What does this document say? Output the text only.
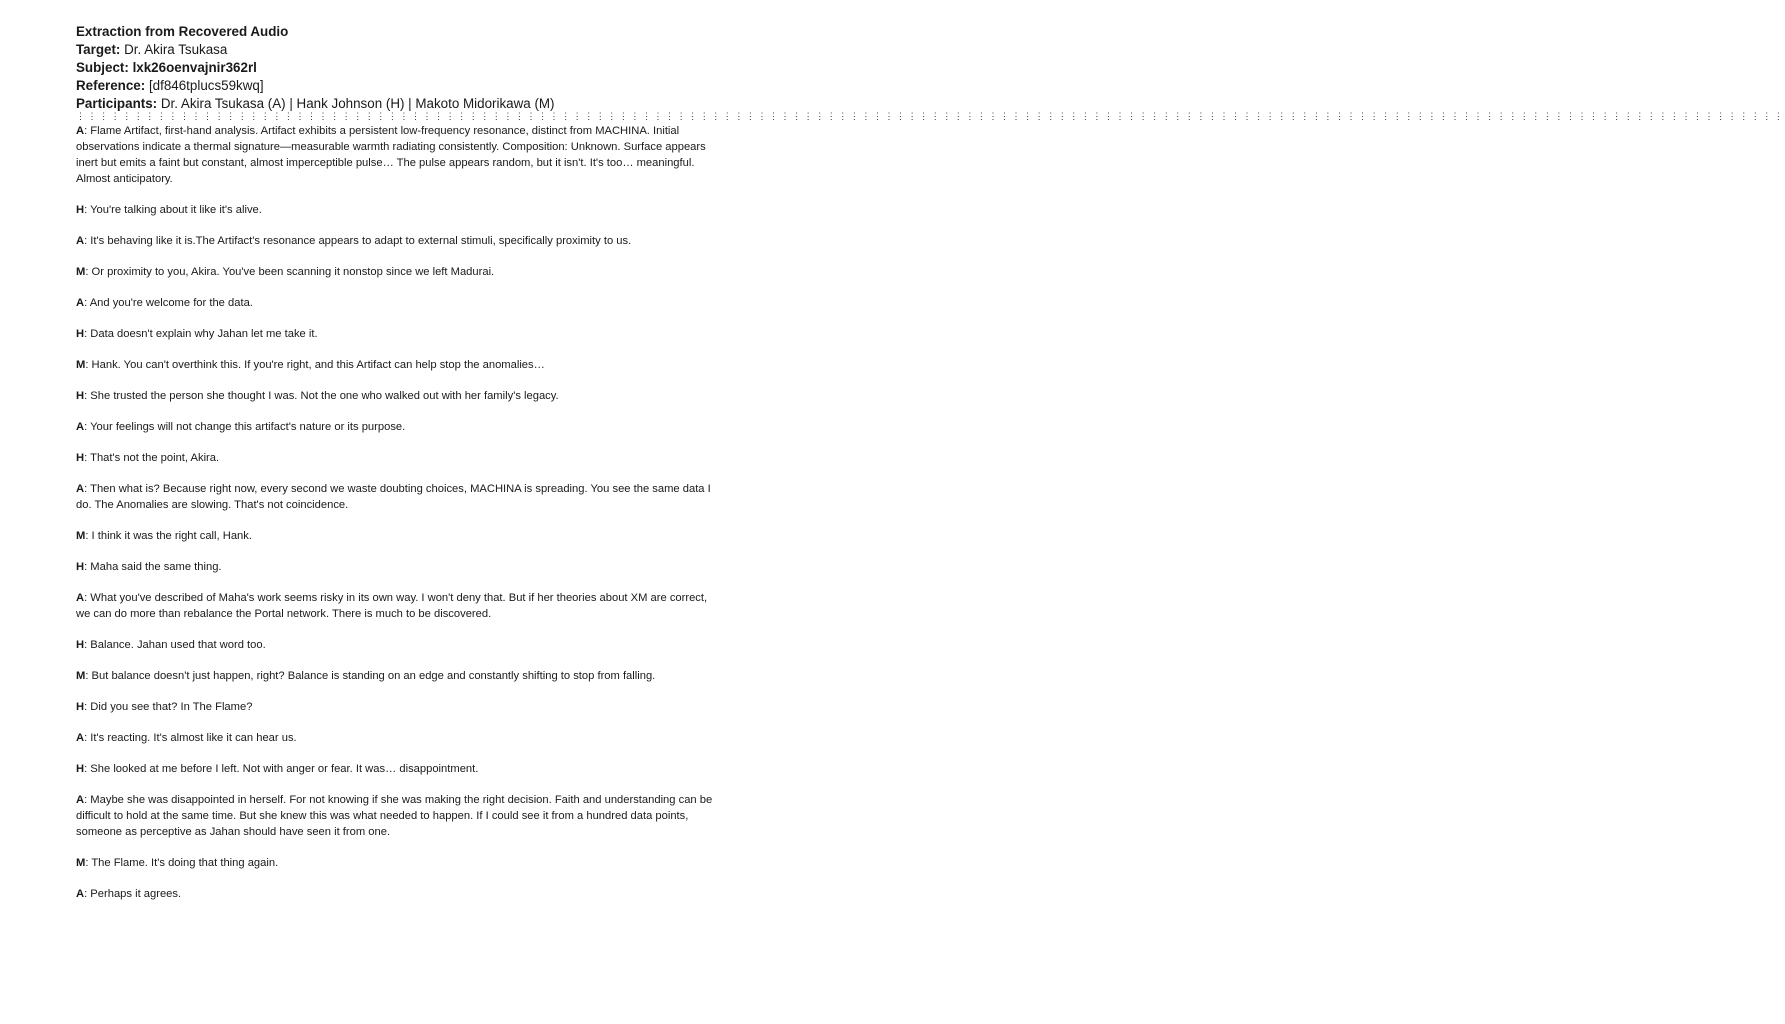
Extraction from Recovered Audio
Target: Dr. Akira Tsukasa
Subject: lxk26oenvajnir362rl
Reference: [df846tplucs59kwq]
Participants: Dr. Akira Tsukasa (A) | Hank Johnson (H) | Makoto Midorikawa (M)
⋮⋮⋮⋮⋮⋮⋮⋮⋮⋮⋮⋮⋮⋮⋮⋮⋮⋮⋮⋮⋮⋮⋮⋮⋮⋮⋮⋮⋮⋮⋮⋮⋮⋮⋮⋮⋮⋮⋮⋮⋮⋮⋮⋮⋮⋮⋮⋮⋮⋮⋮⋮⋮⋮⋮⋮⋮⋮⋮⋮⋮⋮⋮⋮⋮⋮⋮⋮⋮⋮⋮⋮⋮⋮⋮⋮⋮⋮⋮⋮⋮⋮⋮⋮⋮⋮⋮⋮⋮⋮⋮⋮⋮⋮⋮⋮⋮⋮⋮⋮⋮⋮⋮⋮⋮⋮⋮⋮⋮⋮⋮⋮⋮⋮⋮⋮⋮⋮⋮⋮⋮⋮⋮⋮⋮⋮⋮⋮⋮⋮⋮⋮⋮⋮⋮⋮⋮⋮⋮⋮⋮⋮⋮⋮⋮⋮⋮⋮

A: Flame Artifact, first-hand analysis. Artifact exhibits a persistent low-frequency resonance, distinct from MACHINA. Initial observations indicate a thermal signature—measurable warmth radiating consistently. Composition: Unknown. Surface appears inert but emits a faint but constant, almost imperceptible pulse… The pulse appears random, but it isn't. It's too… meaningful. Almost anticipatory.

H: You're talking about it like it's alive.

A: It's behaving like it is.The Artifact's resonance appears to adapt to external stimuli, specifically proximity to us.

M: Or proximity to you, Akira. You've been scanning it nonstop since we left Madurai.

A: And you're welcome for the data.

H: Data doesn't explain why Jahan let me take it.

M: Hank. You can't overthink this. If you're right, and this Artifact can help stop the anomalies…

H: She trusted the person she thought I was. Not the one who walked out with her family's legacy.

A: Your feelings will not change this artifact's nature or its purpose.

H: That's not the point, Akira.

A: Then what is? Because right now, every second we waste doubting choices, MACHINA is spreading. You see the same data I do. The Anomalies are slowing. That's not coincidence.

M: I think it was the right call, Hank.

H: Maha said the same thing.

A: What you've described of Maha's work seems risky in its own way. I won't deny that. But if her theories about XM are correct, we can do more than rebalance the Portal network. There is much to be discovered.

H: Balance. Jahan used that word too.

M: But balance doesn't just happen, right? Balance is standing on an edge and constantly shifting to stop from falling.

H: Did you see that? In The Flame?

A: It's reacting. It's almost like it can hear us.

H: She looked at me before I left. Not with anger or fear. It was… disappointment.

A: Maybe she was disappointed in herself. For not knowing if she was making the right decision. Faith and understanding can be difficult to hold at the same time. But she knew this was what needed to happen. If I could see it from a hundred data points, someone as perceptive as Jahan should have seen it from one.

M: The Flame. It's doing that thing again.

A: Perhaps it agrees.
